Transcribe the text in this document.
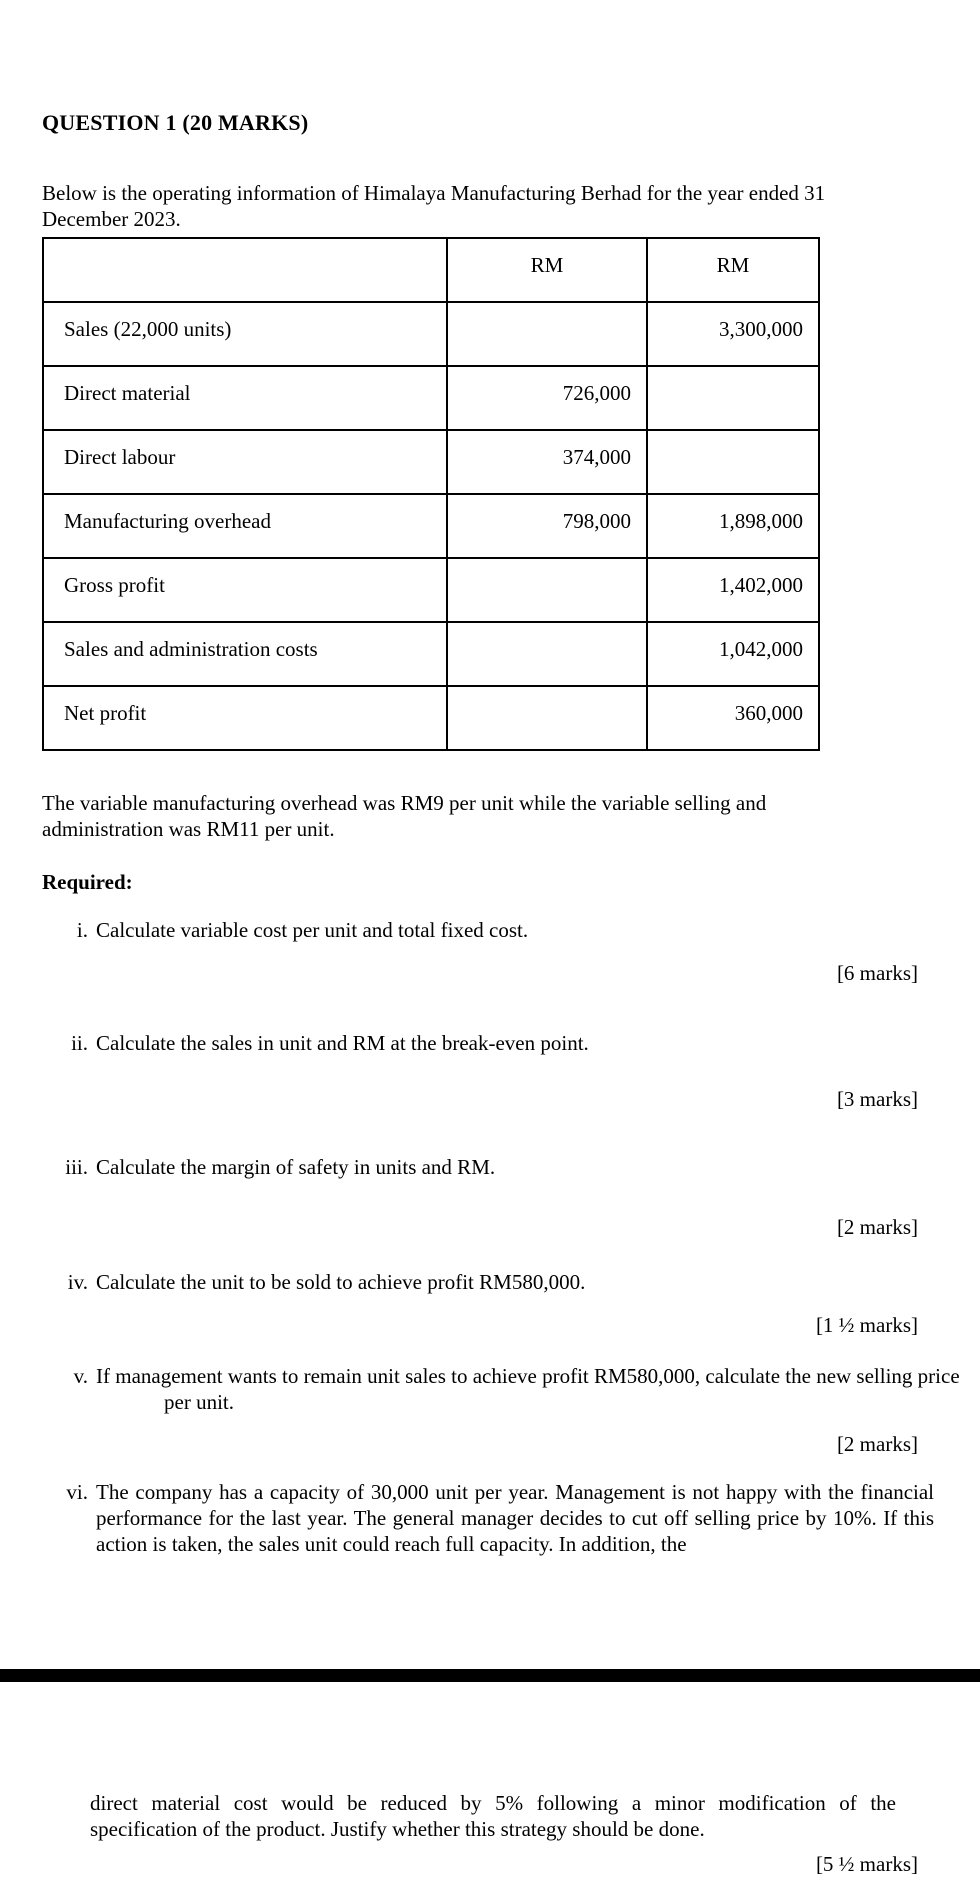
QUESTION 1 (20 MARKS)

Below is the operating information of Himalaya Manufacturing Berhad for the year ended 31 December 2023.

	RM	RM
Sales (22,000 units)		3,300,000
Direct material	726,000	
Direct labour	374,000	
Manufacturing overhead	798,000	1,898,000
Gross profit		1,402,000
Sales and administration costs		1,042,000
Net profit		360,000

The variable manufacturing overhead was RM9 per unit while the variable selling and administration was RM11 per unit.

Required:
i. Calculate variable cost per unit and total fixed cost.
[6 marks]
ii. Calculate the sales in unit and RM at the break-even point.
[3 marks]
iii. Calculate the margin of safety in units and RM.
[2 marks]
iv. Calculate the unit to be sold to achieve profit RM580,000.
[1 ½ marks]
v. If management wants to remain unit sales to achieve profit RM580,000, calculate the new selling price per unit.
[2 marks]
vi. The company has a capacity of 30,000 unit per year. Management is not happy with the financial performance for the last year. The general manager decides to cut off selling price by 10%. If this action is taken, the sales unit could reach full capacity. In addition, the

direct material cost would be reduced by 5% following a minor modification of the specification of the product. Justify whether this strategy should be done.

[5 ½ marks]
